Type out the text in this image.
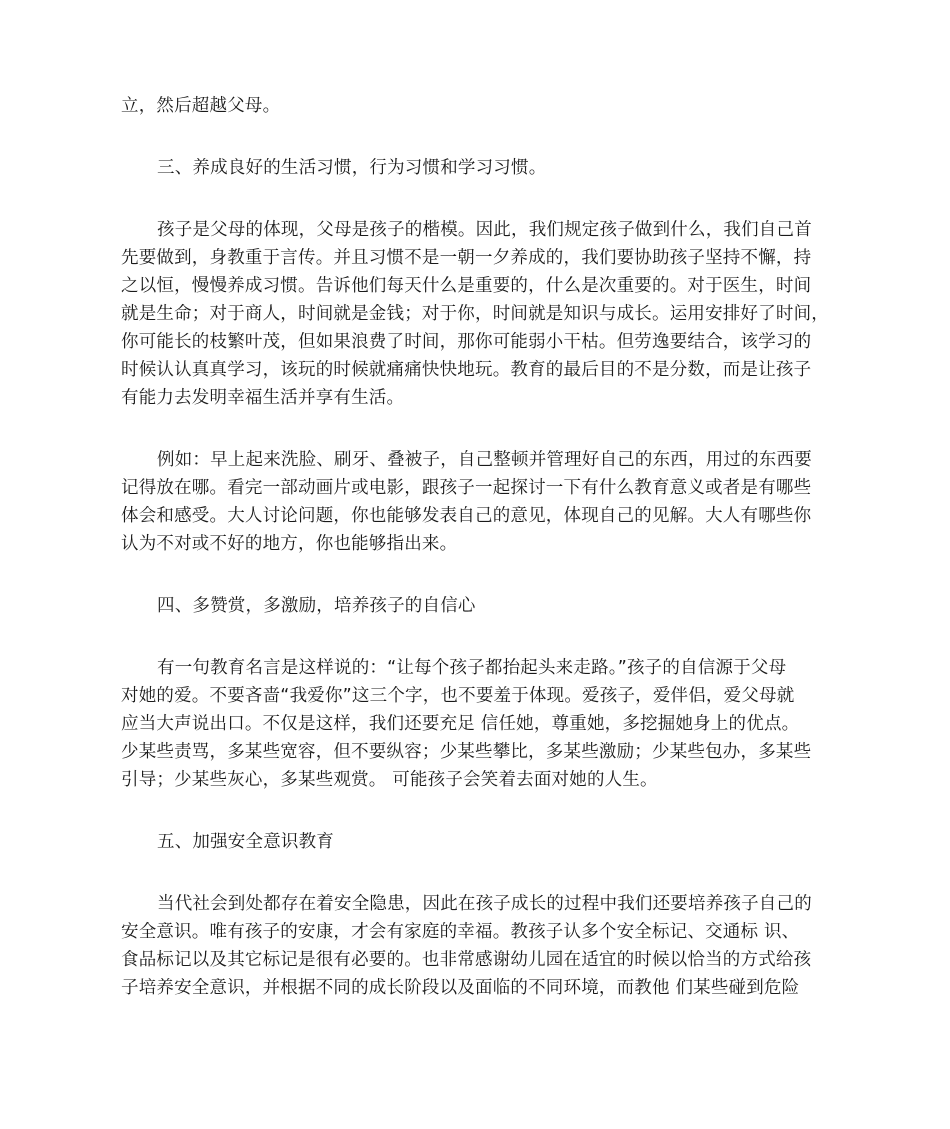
立，然后超越父母。
三、养成良好的生活习惯，行为习惯和学习习惯。
孩子是父母的体现，父母是孩子的楷模。因此，我们规定孩子做到什么，我们自己首
先要做到，身教重于言传。并且习惯不是一朝一夕养成的，我们要协助孩子坚持不懈，持
之以恒，慢慢养成习惯。告诉他们每天什么是重要的，什么是次重要的。对于医生，时间
就是生命；对于商人，时间就是金钱；对于你，时间就是知识与成长。运用安排好了时间，
你可能长的枝繁叶茂，但如果浪费了时间，那你可能弱小干枯。但劳逸要结合，该学习的
时候认认真真学习，该玩的时候就痛痛快快地玩。教育的最后目的不是分数，而是让孩子
有能力去发明幸福生活并享有生活。
例如：早上起来洗脸、刷牙、叠被子，自己整顿并管理好自己的东西，用过的东西要
记得放在哪。看完一部动画片或电影，跟孩子一起探讨一下有什么教育意义或者是有哪些
体会和感受。大人讨论问题，你也能够发表自己的意见，体现自己的见解。大人有哪些你
认为不对或不好的地方，你也能够指出来。
四、多赞赏，多激励，培养孩子的自信心
有一句教育名言是这样说的：“让每个孩子都抬起头来走路。”孩子的自信源于父母
对她的爱。不要吝啬“我爱你”这三个字，也不要羞于体现。爱孩子，爱伴侣，爱父母就
应当大声说出口。不仅是这样，我们还要充足 信任她，尊重她，多挖掘她身上的优点。
少某些责骂，多某些宽容，但不要纵容；少某些攀比，多某些激励；少某些包办，多某些
引导；少某些灰心，多某些观赏。 可能孩子会笑着去面对她的人生。
五、加强安全意识教育
当代社会到处都存在着安全隐患，因此在孩子成长的过程中我们还要培养孩子自己的
安全意识。唯有孩子的安康，才会有家庭的幸福。教孩子认多个安全标记、交通标 识、
食品标记以及其它标记是很有必要的。也非常感谢幼儿园在适宜的时候以恰当的方式给孩
子培养安全意识，并根据不同的成长阶段以及面临的不同环境，而教他 们某些碰到危险
